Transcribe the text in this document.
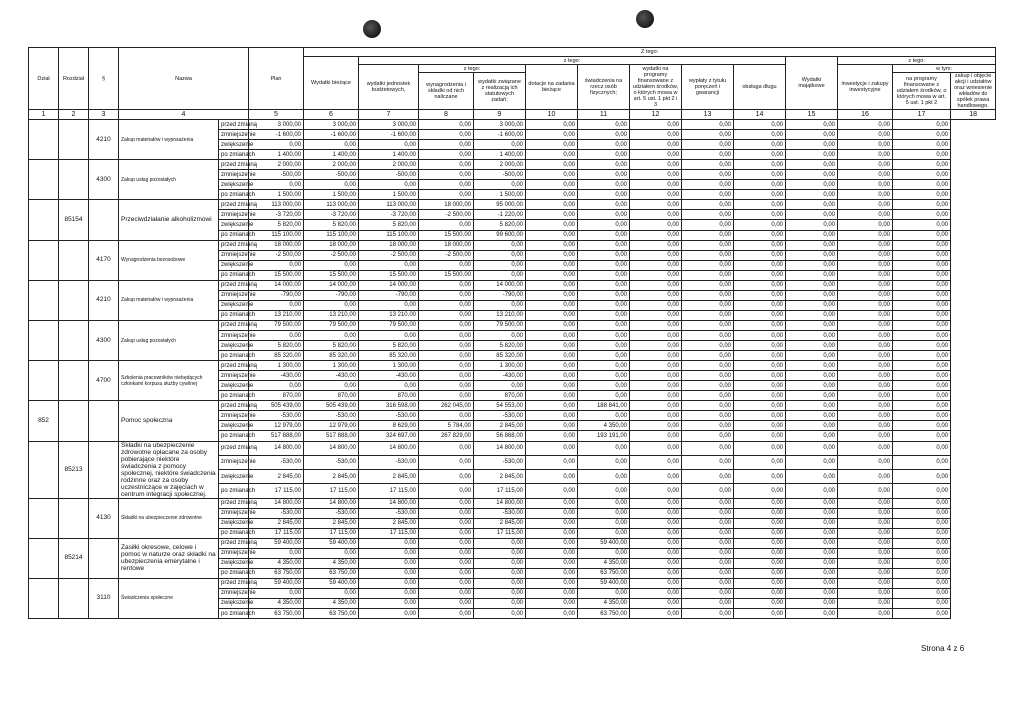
Dział	Rozdział	§	Nazwa		Plan	Z tego:												
						Wydatki bieżące	z tego:								Wydatki majątkowe	z tego:		
							wydatki jednostek budżetowych,	z tego:		dotacje na zadania bieżące	świadczenia na rzecz osób fizycznych;	wydatki na programy finansowane z udziałem środków, o których mowa w art. 5 ust. 1 pkt 2 i 3	wypłaty z tytułu poręczeń i gwarancji	obsługa długu		inwestycje i zakupy inwestycyjne	w tym:	
								wynagrodzenia i składki od nich naliczane	wydatki związane z realizacją ich statutowych zadań;								na programy finansowane z udziałem środków, o których mowa w art. 5 ust. 1 pkt 2	zakup i objęcie akcji i udziałów oraz wniesienie wkładów do spółek prawa handlowego.

1	2	3	4		5	6	7	8	9	10	11	12	13	14	15	16	17	18
		4210	Zakup materiałów i wyposażenia	przed zmianą	3 000,00	3 000,00	3 000,00	0,00	3 000,00	0,00	0,00	0,00	0,00	0,00	0,00	0,00	0,00	
				zmniejszenie	-1 600,00	-1 600,00	-1 600,00	0,00	-1 600,00	0,00	0,00	0,00	0,00	0,00	0,00	0,00	0,00	
				zwiększenie	0,00	0,00	0,00	0,00	0,00	0,00	0,00	0,00	0,00	0,00	0,00	0,00	0,00	
				po zmianach	1 400,00	1 400,00	1 400,00	0,00	1 400,00	0,00	0,00	0,00	0,00	0,00	0,00	0,00	0,00	
		4300	Zakup usług pozostałych	przed zmianą	2 000,00	2 000,00	2 000,00	0,00	2 000,00	0,00	0,00	0,00	0,00	0,00	0,00	0,00	0,00	
				zmniejszenie	-500,00	-500,00	-500,00	0,00	-500,00	0,00	0,00	0,00	0,00	0,00	0,00	0,00	0,00	
				zwiększenie	0,00	0,00	0,00	0,00	0,00	0,00	0,00	0,00	0,00	0,00	0,00	0,00	0,00	
				po zmianach	1 500,00	1 500,00	1 500,00	0,00	1 500,00	0,00	0,00	0,00	0,00	0,00	0,00	0,00	0,00	
	85154		Przeciwdziałanie alkoholizmowi	przed zmianą	113 000,00	113 000,00	113 000,00	18 000,00	95 000,00	0,00	0,00	0,00	0,00	0,00	0,00	0,00	0,00	
				zmniejszenie	-3 720,00	-3 720,00	-3 720,00	-2 500,00	-1 220,00	0,00	0,00	0,00	0,00	0,00	0,00	0,00	0,00	
				zwiększenie	5 820,00	5 820,00	5 820,00	0,00	5 820,00	0,00	0,00	0,00	0,00	0,00	0,00	0,00	0,00	
				po zmianach	115 100,00	115 100,00	115 100,00	15 500,00	99 600,00	0,00	0,00	0,00	0,00	0,00	0,00	0,00	0,00	
		4170	Wynagrodzenia bezosobowe	przed zmianą	18 000,00	18 000,00	18 000,00	18 000,00	0,00	0,00	0,00	0,00	0,00	0,00	0,00	0,00	0,00	
				zmniejszenie	-2 500,00	-2 500,00	-2 500,00	-2 500,00	0,00	0,00	0,00	0,00	0,00	0,00	0,00	0,00	0,00	
				zwiększenie	0,00	0,00	0,00	0,00	0,00	0,00	0,00	0,00	0,00	0,00	0,00	0,00	0,00	
				po zmianach	15 500,00	15 500,00	15 500,00	15 500,00	0,00	0,00	0,00	0,00	0,00	0,00	0,00	0,00	0,00	
		4210	Zakup materiałów i wyposażenia	przed zmianą	14 000,00	14 000,00	14 000,00	0,00	14 000,00	0,00	0,00	0,00	0,00	0,00	0,00	0,00	0,00	
				zmniejszenie	-790,00	-790,00	-790,00	0,00	-790,00	0,00	0,00	0,00	0,00	0,00	0,00	0,00	0,00	
				zwiększenie	0,00	0,00	0,00	0,00	0,00	0,00	0,00	0,00	0,00	0,00	0,00	0,00	0,00	
				po zmianach	13 210,00	13 210,00	13 210,00	0,00	13 210,00	0,00	0,00	0,00	0,00	0,00	0,00	0,00	0,00	
		4300	Zakup usług pozostałych	przed zmianą	79 500,00	79 500,00	79 500,00	0,00	79 500,00	0,00	0,00	0,00	0,00	0,00	0,00	0,00	0,00	
				zmniejszenie	0,00	0,00	0,00	0,00	0,00	0,00	0,00	0,00	0,00	0,00	0,00	0,00	0,00	
				zwiększenie	5 820,00	5 820,00	5 820,00	0,00	5 820,00	0,00	0,00	0,00	0,00	0,00	0,00	0,00	0,00	
				po zmianach	85 320,00	85 320,00	85 320,00	0,00	85 320,00	0,00	0,00	0,00	0,00	0,00	0,00	0,00	0,00	
		4700	Szkolenia pracowników niebędących członkami korpusu służby cywilnej	przed zmianą	1 300,00	1 300,00	1 300,00	0,00	1 300,00	0,00	0,00	0,00	0,00	0,00	0,00	0,00	0,00	
				zmniejszenie	-430,00	-430,00	-430,00	0,00	-430,00	0,00	0,00	0,00	0,00	0,00	0,00	0,00	0,00	
				zwiększenie	0,00	0,00	0,00	0,00	0,00	0,00	0,00	0,00	0,00	0,00	0,00	0,00	0,00	
				po zmianach	870,00	870,00	870,00	0,00	870,00	0,00	0,00	0,00	0,00	0,00	0,00	0,00	0,00	
852			Pomoc społeczna	przed zmianą	505 439,00	505 439,00	316 598,00	262 045,00	54 553,00	0,00	188 841,00	0,00	0,00	0,00	0,00	0,00	0,00	
				zmniejszenie	-530,00	-530,00	-530,00	0,00	-530,00	0,00	0,00	0,00	0,00	0,00	0,00	0,00	0,00	
				zwiększenie	12 979,00	12 979,00	8 629,00	5 784,00	2 845,00	0,00	4 350,00	0,00	0,00	0,00	0,00	0,00	0,00	
				po zmianach	517 888,00	517 888,00	324 697,00	267 829,00	56 868,00	0,00	193 191,00	0,00	0,00	0,00	0,00	0,00	0,00	
	85213		Składki na ubezpieczenie zdrowotne opłacane za osoby pobierające niektóre świadczenia z pomocy społecznej, niektóre świadczenia rodzinne oraz za osoby uczestniczące w zajęciach w centrum integracji społecznej.	przed zmianą	14 800,00	14 800,00	14 800,00	0,00	14 800,00	0,00	0,00	0,00	0,00	0,00	0,00	0,00	0,00	
				zmniejszenie	-530,00	-530,00	-530,00	0,00	-530,00	0,00	0,00	0,00	0,00	0,00	0,00	0,00	0,00	
				zwiększenie	2 845,00	2 845,00	2 845,00	0,00	2 845,00	0,00	0,00	0,00	0,00	0,00	0,00	0,00	0,00	
				po zmianach	17 115,00	17 115,00	17 115,00	0,00	17 115,00	0,00	0,00	0,00	0,00	0,00	0,00	0,00	0,00	
		4130	Składki na ubezpieczenie zdrowotne	przed zmianą	14 800,00	14 800,00	14 800,00	0,00	14 800,00	0,00	0,00	0,00	0,00	0,00	0,00	0,00	0,00	
				zmniejszenie	-530,00	-530,00	-530,00	0,00	-530,00	0,00	0,00	0,00	0,00	0,00	0,00	0,00	0,00	
				zwiększenie	2 845,00	2 845,00	2 845,00	0,00	2 845,00	0,00	0,00	0,00	0,00	0,00	0,00	0,00	0,00	
				po zmianach	17 115,00	17 115,00	17 115,00	0,00	17 115,00	0,00	0,00	0,00	0,00	0,00	0,00	0,00	0,00	
	85214		Zasiłki okresowe, celowe i pomoc w naturze oraz składki na ubezpieczenia emerytalne i rentowe	przed zmianą	59 400,00	59 400,00	0,00	0,00	0,00	0,00	59 400,00	0,00	0,00	0,00	0,00	0,00	0,00	
				zmniejszenie	0,00	0,00	0,00	0,00	0,00	0,00	0,00	0,00	0,00	0,00	0,00	0,00	0,00	
				zwiększenie	4 350,00	4 350,00	0,00	0,00	0,00	0,00	4 350,00	0,00	0,00	0,00	0,00	0,00	0,00	
				po zmianach	63 750,00	63 750,00	0,00	0,00	0,00	0,00	63 750,00	0,00	0,00	0,00	0,00	0,00	0,00	
		3110	Świadczenia społeczne	przed zmianą	59 400,00	59 400,00	0,00	0,00	0,00	0,00	59 400,00	0,00	0,00	0,00	0,00	0,00	0,00	
				zmniejszenie	0,00	0,00	0,00	0,00	0,00	0,00	0,00	0,00	0,00	0,00	0,00	0,00	0,00	
				zwiększenie	4 350,00	4 350,00	0,00	0,00	0,00	0,00	4 350,00	0,00	0,00	0,00	0,00	0,00	0,00	
				po zmianach	63 750,00	63 750,00	0,00	0,00	0,00	0,00	63 750,00	0,00	0,00	0,00	0,00	0,00	0,00	
Strona 4 z 6
